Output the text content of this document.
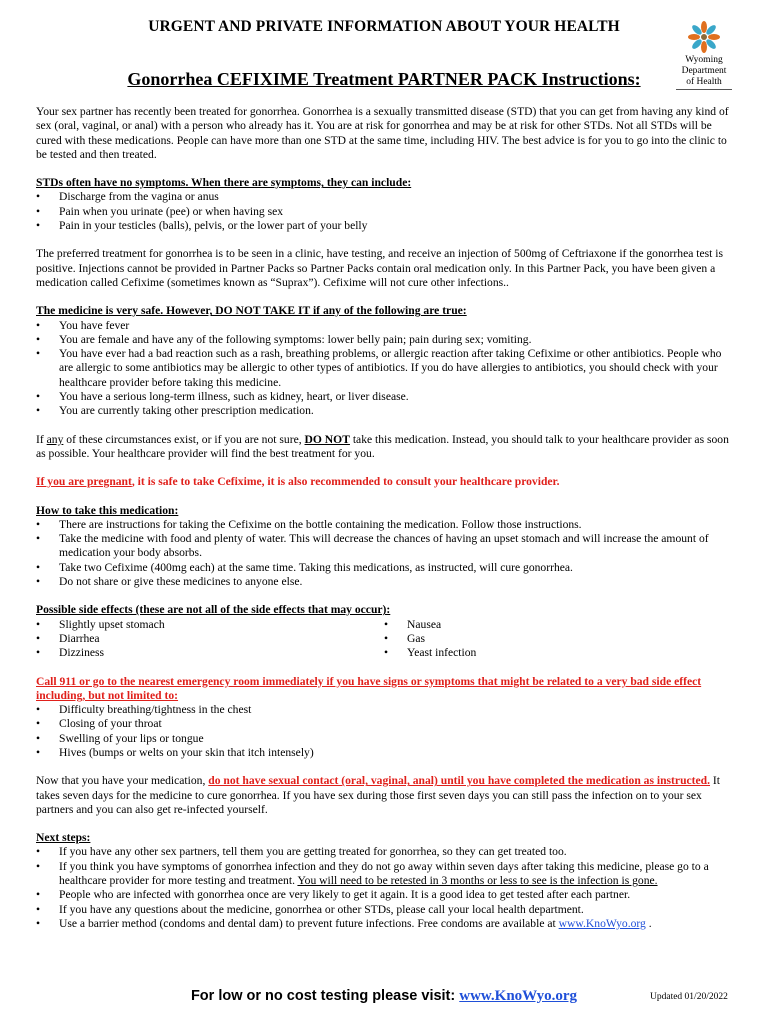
URGENT AND PRIVATE INFORMATION ABOUT YOUR HEALTH
Wyoming
Department
of Health
Gonorrhea CEFIXIME Treatment PARTNER PACK Instructions:

Your sex partner has recently been treated for gonorrhea. Gonorrhea is a sexually transmitted disease (STD) that you can get from having any kind of sex (oral, vaginal, or anal) with a person who already has it. You are at risk for gonorrhea and may be at risk for other STDs. Not all STDs will be cured with these medications. People can have more than one STD at the same time, including HIV. The best advice is for you to go into the clinic to be tested and then treated.

STDs often have no symptoms. When there are symptoms, they can include:

• Discharge from the vagina or anus
• Pain when you urinate (pee) or when having sex
• Pain in your testicles (balls), pelvis, or the lower part of your belly

The preferred treatment for gonorrhea is to be seen in a clinic, have testing, and receive an injection of 500mg of Ceftriaxone if the gonorrhea test is positive. Injections cannot be provided in Partner Packs so Partner Packs contain oral medication only. In this Partner Pack, you have been given a medication called Cefixime (sometimes known as “Suprax”). Cefixime will not cure other infections..

The medicine is very safe. However, DO NOT TAKE IT if any of the following are true:

• You have fever
• You are female and have any of the following symptoms: lower belly pain; pain during sex; vomiting.
• You have ever had a bad reaction such as a rash, breathing problems, or allergic reaction after taking Cefixime or other antibiotics. People who are allergic to some antibiotics may be allergic to other types of antibiotics. If you do have allergies to antibiotics, you should check with your healthcare provider before taking this medicine.
• You have a serious long-term illness, such as kidney, heart, or liver disease.
• You are currently taking other prescription medication.

If any of these circumstances exist, or if you are not sure, DO NOT take this medication. Instead, you should talk to your healthcare provider as soon as possible. Your healthcare provider will find the best treatment for you.

If you are pregnant, it is safe to take Cefixime, it is also recommended to consult your healthcare provider.

How to take this medication:

• There are instructions for taking the Cefixime on the bottle containing the medication. Follow those instructions.
• Take the medicine with food and plenty of water. This will decrease the chances of having an upset stomach and will increase the amount of medication your body absorbs.
• Take two Cefixime (400mg each) at the same time. Taking this medications, as instructed, will cure gonorrhea.
• Do not share or give these medicines to anyone else.

Possible side effects (these are not all of the side effects that may occur):

• Slightly upset stomach
• Diarrhea
• Dizziness
• Nausea
• Gas
• Yeast infection

Call 911 or go to the nearest emergency room immediately if you have signs or symptoms that might be related to a very bad side effect including, but not limited to:

• Difficulty breathing/tightness in the chest
• Closing of your throat
• Swelling of your lips or tongue
• Hives (bumps or welts on your skin that itch intensely)

Now that you have your medication, do not have sexual contact (oral, vaginal, anal) until you have completed the medication as instructed. It takes seven days for the medicine to cure gonorrhea. If you have sex during those first seven days you can still pass the infection on to your sex partners and you can also get re-infected yourself.

Next steps:

• If you have any other sex partners, tell them you are getting treated for gonorrhea, so they can get treated too.
• If you think you have symptoms of gonorrhea infection and they do not go away within seven days after taking this medicine, please go to a healthcare provider for more testing and treatment. You will need to be retested in 3 months or less to see is the infection is gone.
• People who are infected with gonorrhea once are very likely to get it again. It is a good idea to get tested after each partner.
• If you have any questions about the medicine, gonorrhea or other STDs, please call your local health department.
• Use a barrier method (condoms and dental dam) to prevent future infections. Free condoms are available at www.KnoWyo.org .
For low or no cost testing please visit: www.KnoWyo.org	Updated 01/20/2022
